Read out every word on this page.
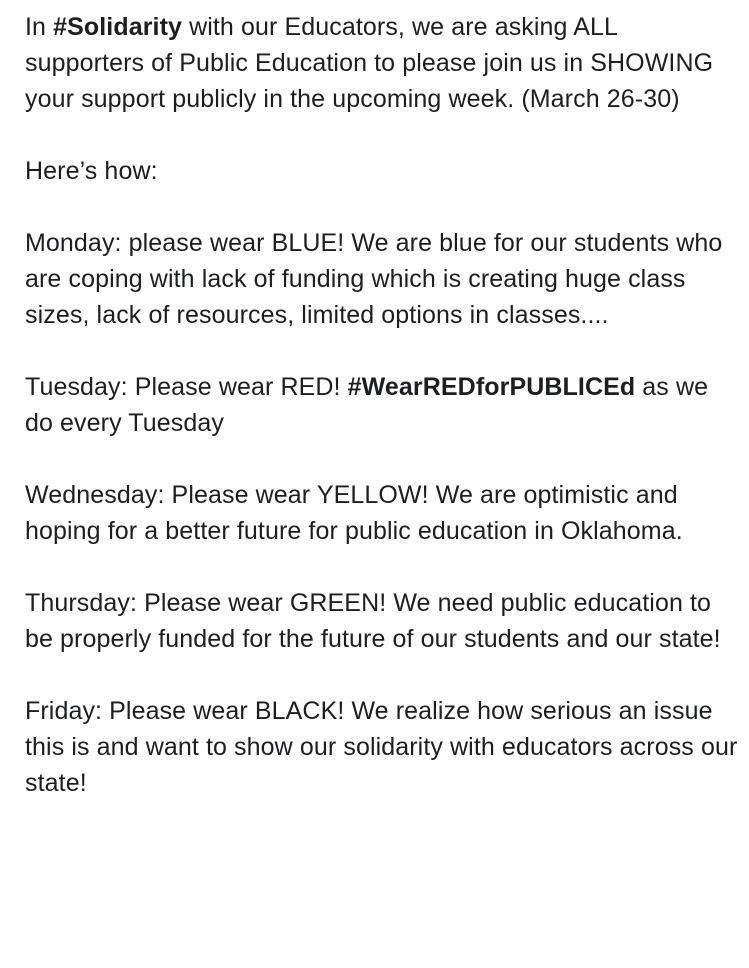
In #Solidarity with our Educators, we are asking ALL supporters of Public Education to please join us in SHOWING your support publicly in the upcoming week. (March 26-30)

Here’s how:

Monday: please wear BLUE! We are blue for our students who are coping with lack of funding which is creating huge class sizes, lack of resources, limited options in classes....

Tuesday: Please wear RED! #WearREDforPUBLICEd as we do every Tuesday

Wednesday: Please wear YELLOW! We are optimistic and hoping for a better future for public education in Oklahoma.

Thursday: Please wear GREEN! We need public education to be properly funded for the future of our students and our state!

Friday: Please wear BLACK! We realize how serious an issue this is and want to show our solidarity with educators across our state!
